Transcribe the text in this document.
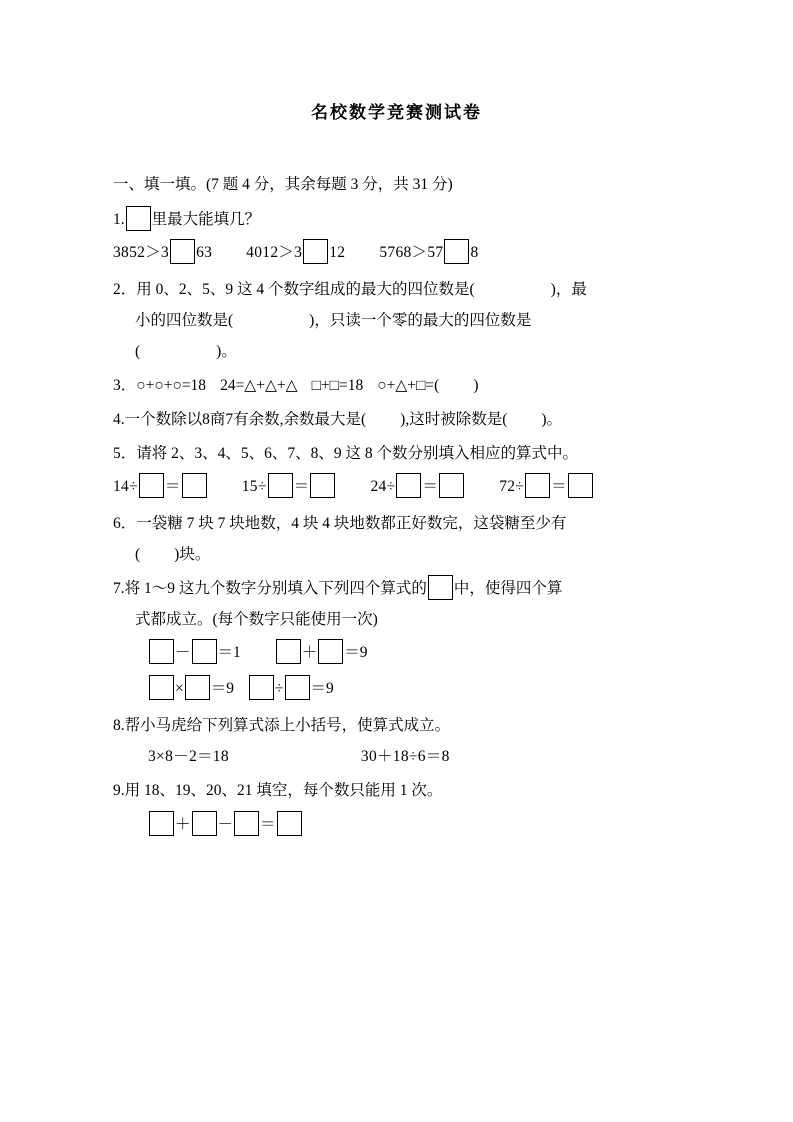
名校数学竞赛测试卷
一、填一填。(7 题 4 分，其余每题 3 分，共 31 分)
1. 里最大能填几？
3852＞3 63 4012＞3 12 5768＞57 8
2．用 0、2、5、9 这 4 个数字组成的最大的四位数是(	)，最
小的四位数是(	)，只读一个零的最大的四位数是
(	)。
3．○+○+○=18 24=△+△+△ □+□=18 ○+△+□=( )
4.一个数除以8商7有余数,余数最大是( ),这时被除数是( )。
5．请将 2、3、4、5、6、7、8、9 这 8 个数分别填入相应的算式中。
14÷ ＝	15÷ ＝	24÷ ＝	72÷ ＝
6．一袋糖 7 块 7 块地数，4 块 4 块地数都正好数完，这袋糖至少有
( )块。
7.将 1～9 这九个数字分别填入下列四个算式的 中，使得四个算
式都成立。(每个数字只能使用一次)
－ ＝1	＋ ＝9
× ＝9	÷ ＝9
8.帮小马虎给下列算式添上小括号，使算式成立。
3×8－2＝18	30＋18÷6＝8
9.用 18、19、20、21 填空，每个数只能用 1 次。
＋ － ＝
